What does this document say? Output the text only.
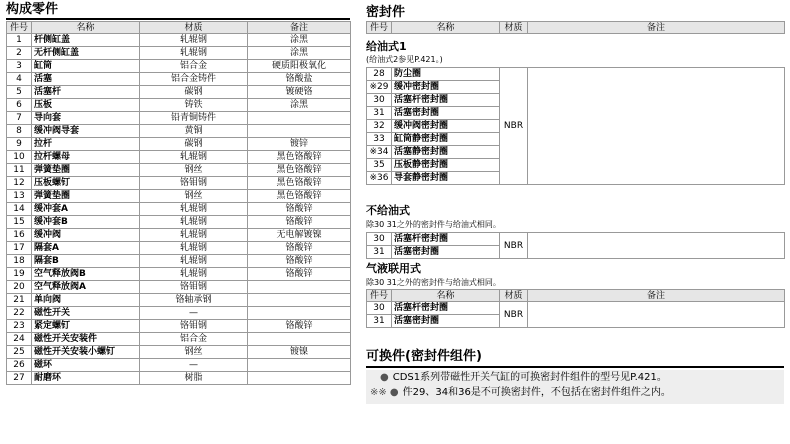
构成零件
件号	名称	材质	备注
1	杆侧缸盖	轧辊钢	涂黑
2	无杆侧缸盖	轧辊钢	涂黑
3	缸筒	铝合金	硬质阳极氧化
4	活塞	铝合金铸件	铬酸盐
5	活塞杆	碳钢	镀硬铬
6	压板	铸铁	涂黑
7	导向套	铅青铜铸件	
8	缓冲阀导套	黄铜	
9	拉杆	碳钢	镀锌
10	拉杆螺母	轧辊钢	黑色铬酸锌
11	弹簧垫圈	钢丝	黑色铬酸锌
12	压板螺钉	铬钼钢	黑色铬酸锌
13	弹簧垫圈	钢丝	黑色铬酸锌
14	缓冲套A	轧辊钢	铬酸锌
15	缓冲套B	轧辊钢	铬酸锌
16	缓冲阀	轧辊钢	无电解镀镍
17	隔套A	轧辊钢	铬酸锌
18	隔套B	轧辊钢	铬酸锌
19	空气释放阀B	轧辊钢	铬酸锌
20	空气释放阀A	铬钼钢	
21	单向阀	铬轴承钢	
22	磁性开关	—	
23	紧定螺钉	铬钼钢	铬酸锌
24	磁性开关安装件	铝合金	
25	磁性开关安装小螺钉	钢丝	镀镍
26	磁环	—	
27	耐磨环	树脂	
密封件
件号	名称	材质	备注
给油式1
(给油式2参见P.421。)
28	防尘圈	NBR	
※29	缓冲密封圈		
30	活塞杆密封圈		
31	活塞密封圈		
32	缓冲阀密封圈		
33	缸筒静密封圈		
※34	活塞静密封圈		
35	压板静密封圈		
※36	导套静密封圈		
不给油式
除30 31之外的密封件与给油式相同。
30	活塞杆密封圈	NBR	
31	活塞密封圈		
气液联用式
除30 31之外的密封件与给油式相同。
件号	名称	材质	备注
30	活塞杆密封圈	NBR	
31	活塞密封圈		
可换件(密封件组件)
● CDS1系列带磁性开关气缸的可换密封件组件的型号见P.421。
※※ ● 件29、34和36是不可换密封件，不包括在密封件组件之内。
